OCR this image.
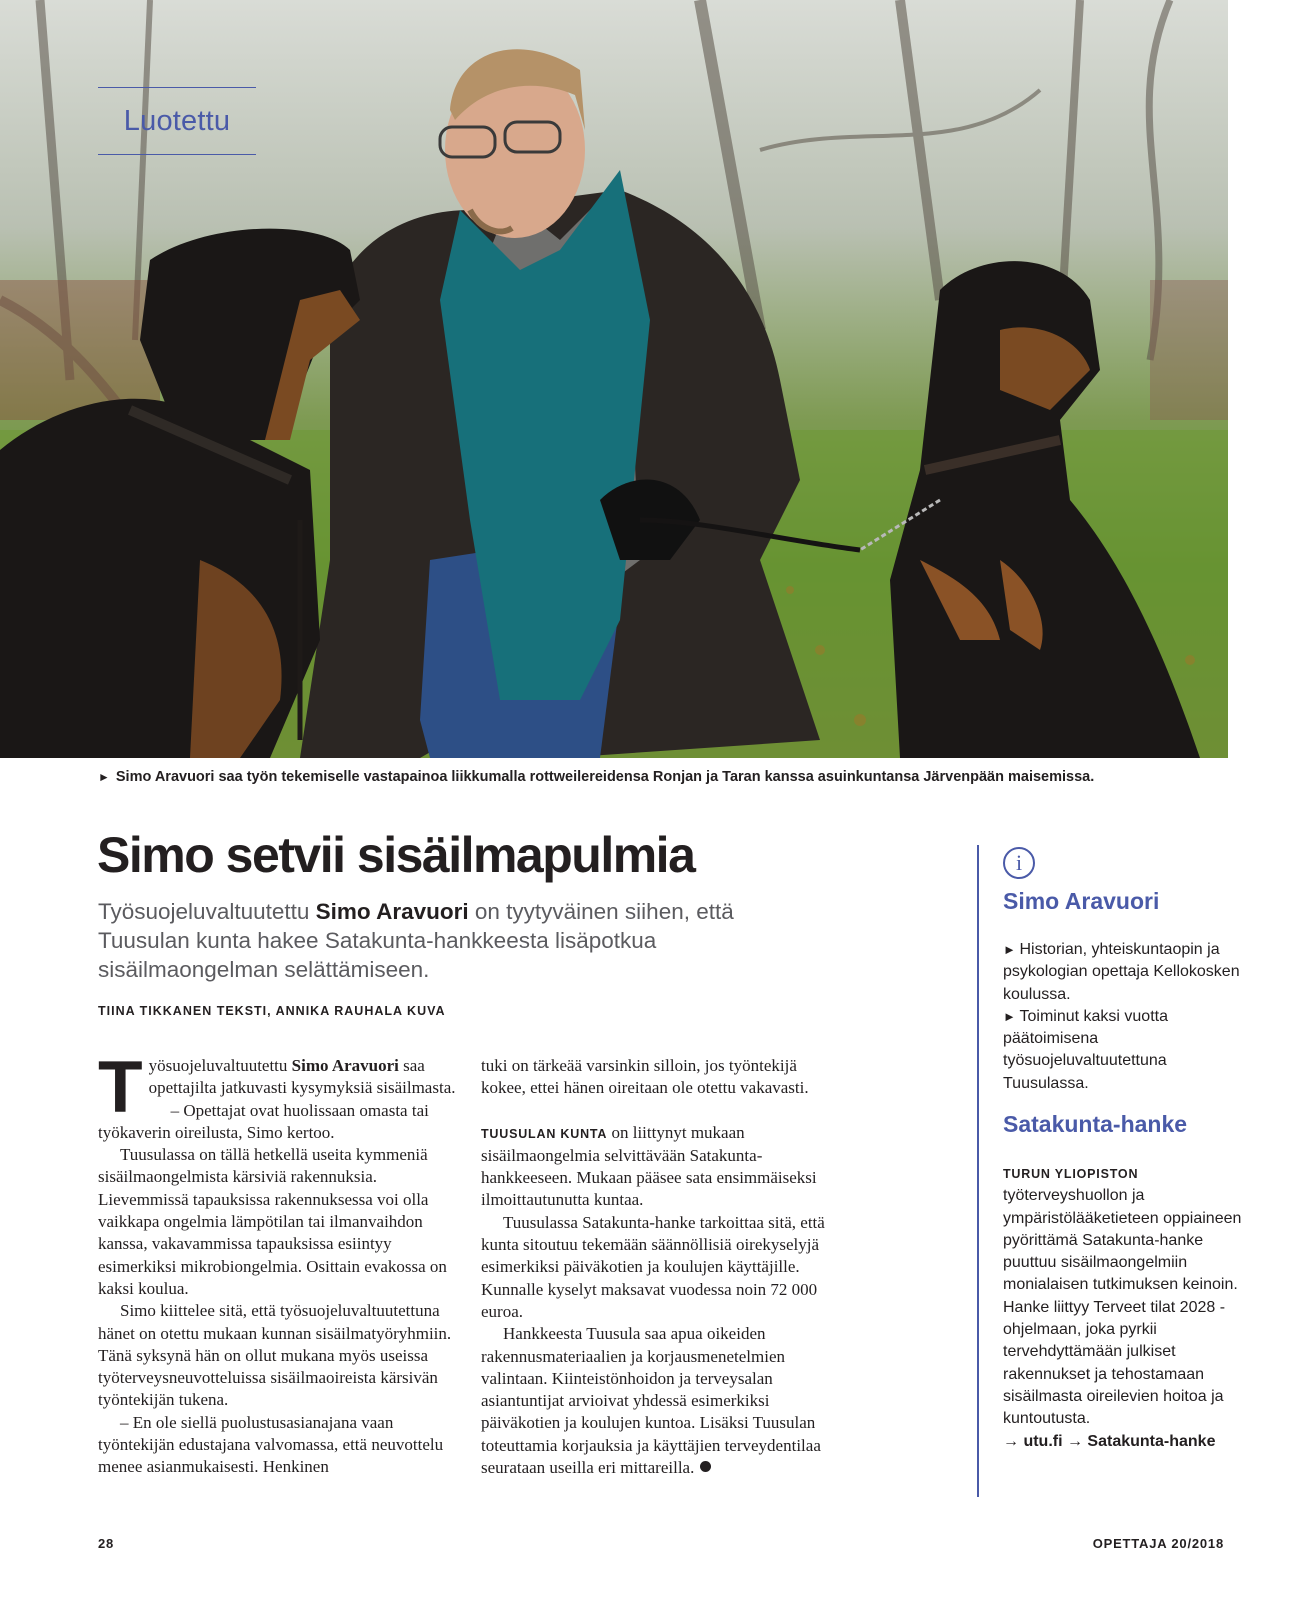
Luotettu
► Simo Aravuori saa työn tekemiselle vastapainoa liikkumalla rottweilereidensa Ronjan ja Taran kanssa asuinkuntansa Järvenpään maisemissa.
Simo setvii sisäilmapulmia
Työsuojeluvaltuutettu Simo Aravuori on tyytyväinen siihen, että Tuusulan kunta hakee Satakunta-hankkeesta lisäpotkua sisäilmaongelman selättämiseen.
TIINA TIKKANEN TEKSTI, ANNIKA RAUHALA KUVA

Työsuojeluvaltuutettu Simo Aravuori saa opettajilta jatkuvasti kysymyksiä sisäilmasta.

– Opettajat ovat huolissaan omasta tai työkaverin oireilusta, Simo kertoo.

Tuusulassa on tällä hetkellä useita kymmeniä sisäilmaongelmista kärsiviä rakennuksia. Lievemmissä tapauksissa rakennuksessa voi olla vaikkapa ongelmia lämpötilan tai ilmanvaihdon kanssa, vakavammissa tapauksissa esiintyy esimerkiksi mikrobiongelmia. Osittain evakossa on kaksi koulua.

Simo kiittelee sitä, että työsuojeluvaltuutettuna hänet on otettu mukaan kunnan sisäilmatyöryhmiin. Tänä syksynä hän on ollut mukana myös useissa työterveysneuvotteluissa sisäilmaoireista kärsivän työntekijän tukena.

– En ole siellä puolustusasianajana vaan työntekijän edustajana valvomassa, että neuvottelu menee asianmukaisesti. Henkinen

tuki on tärkeää varsinkin silloin, jos työntekijä kokee, ettei hänen oireitaan ole otettu vakavasti.

TUUSULAN KUNTA on liittynyt mukaan sisäilmaongelmia selvittävään Satakunta-hankkeeseen. Mukaan pääsee sata ensimmäiseksi ilmoittautunutta kuntaa.

Tuusulassa Satakunta-hanke tarkoittaa sitä, että kunta sitoutuu tekemään säännöllisiä oirekyselyjä esimerkiksi päiväkotien ja koulujen käyttäjille. Kunnalle kyselyt maksavat vuodessa noin 72 000 euroa.

Hankkeesta Tuusula saa apua oikeiden rakennusmateriaalien ja korjausmenetelmien valintaan. Kiinteistönhoidon ja terveysalan asiantuntijat arvioivat yhdessä esimerkiksi päiväkotien ja koulujen kuntoa. Lisäksi Tuusulan toteuttamia korjauksia ja käyttäjien terveydentilaa seurataan useilla eri mittareilla.

i
Simo Aravuori
► Historian, yhteiskuntaopin ja psykologian opettaja Kellokosken koulussa.
► Toiminut kaksi vuotta päätoimisena työsuojeluvaltuutettuna Tuusulassa.
Satakunta-hanke
TURUN YLIOPISTON työterveyshuollon ja ympäristölääketieteen oppiaineen pyörittämä Satakunta-hanke puuttuu sisäilmaongelmiin monialaisen tutkimuksen keinoin. Hanke liittyy Terveet tilat 2028 -ohjelmaan, joka pyrkii tervehdyttämään julkiset rakennukset ja tehostamaan sisäilmasta oireilevien hoitoa ja kuntoutusta.
→ utu.fi → Satakunta-hanke
28	OPETTAJA 20/2018
